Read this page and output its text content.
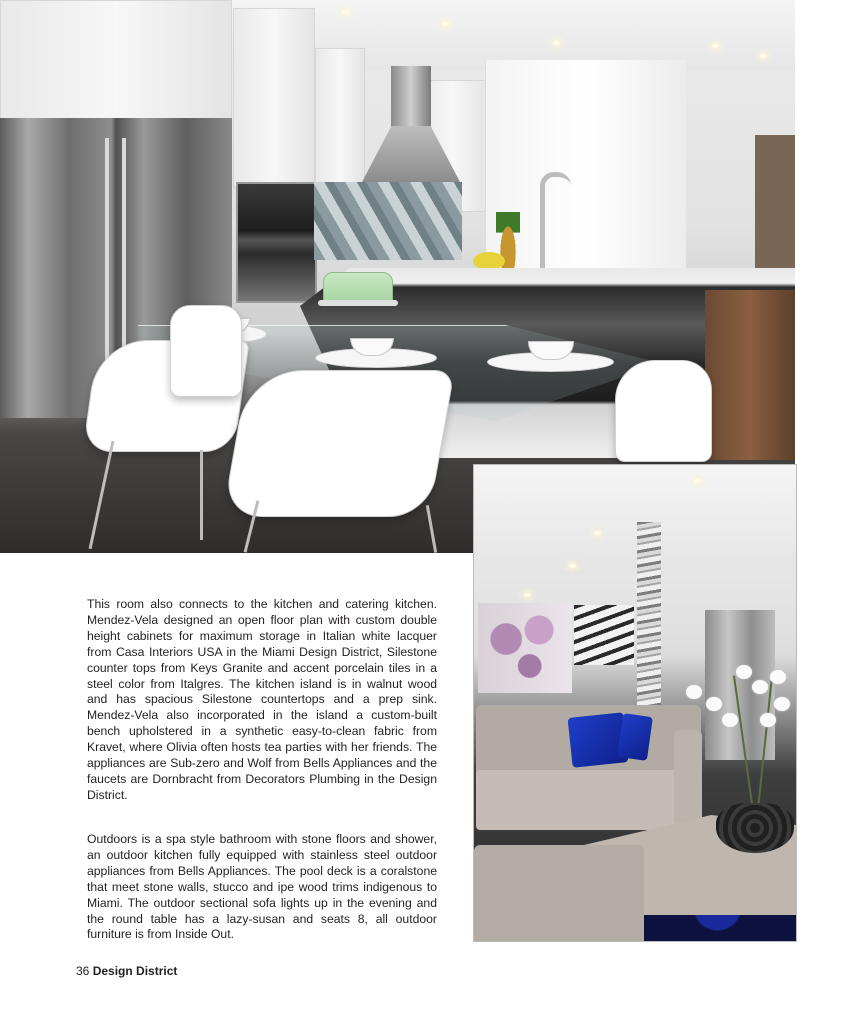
This room also connects to the kitchen and catering kitchen. Mendez-Vela designed an open floor plan with custom double height cabinets for maximum storage in Italian white lacquer from Casa Interiors USA in the Miami Design District, Silestone counter tops from Keys Granite and accent porcelain tiles in a steel color from Italgres. The kitchen island is in walnut wood and has spacious Silestone countertops and a prep sink. Mendez-Vela also incorporated in the island a custom-built bench upholstered in a synthetic easy-to-clean fabric from Kravet, where Olivia often hosts tea parties with her friends. The appliances are Sub-zero and Wolf from Bells Appliances and the faucets are Dornbracht from Decorators Plumbing in the Design District.

Outdoors is a spa style bathroom with stone floors and shower, an outdoor kitchen fully equipped with stainless steel outdoor appliances from Bells Appliances. The pool deck is a coralstone that meet stone walls, stucco and ipe wood trims indigenous to Miami. The outdoor sectional sofa lights up in the evening and the round table has a lazy-susan and seats 8, all outdoor furniture is from Inside Out.

36 Design District
